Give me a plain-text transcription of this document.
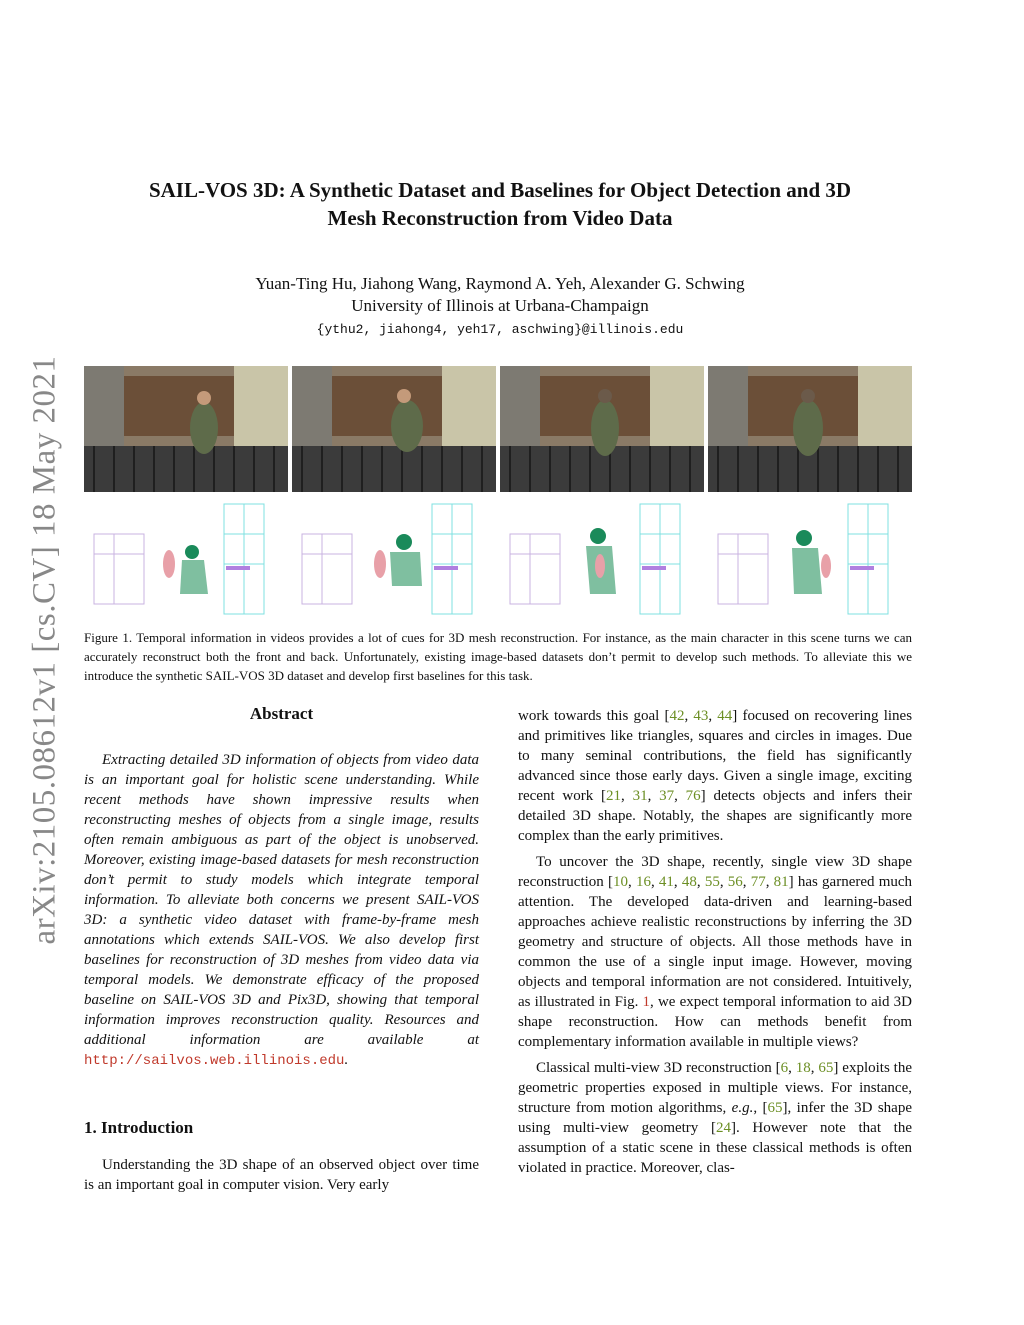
arXiv:2105.08612v1 [cs.CV] 18 May 2021
SAIL-VOS 3D: A Synthetic Dataset and Baselines for Object Detection and 3D
Mesh Reconstruction from Video Data
Yuan-Ting Hu, Jiahong Wang, Raymond A. Yeh, Alexander G. Schwing
University of Illinois at Urbana-Champaign
{ythu2, jiahong4, yeh17, aschwing}@illinois.edu
Figure 1. Temporal information in videos provides a lot of cues for 3D mesh reconstruction. For instance, as the main character in this scene turns we can accurately reconstruct both the front and back. Unfortunately, existing image-based datasets don’t permit to develop such methods. To alleviate this we introduce the synthetic SAIL-VOS 3D dataset and develop first baselines for this task.
Abstract

Extracting detailed 3D information of objects from video data is an important goal for holistic scene understanding. While recent methods have shown impressive results when reconstructing meshes of objects from a single image, results often remain ambiguous as part of the object is unobserved. Moreover, existing image-based datasets for mesh reconstruction don’t permit to study models which integrate temporal information. To alleviate both concerns we present SAIL-VOS 3D: a synthetic video dataset with frame-by-frame mesh annotations which extends SAIL-VOS. We also develop first baselines for reconstruction of 3D meshes from video data via temporal models. We demonstrate efficacy of the proposed baseline on SAIL-VOS 3D and Pix3D, showing that temporal information improves reconstruction quality. Resources and additional information are available at http://sailvos.web.illinois.edu.

1. Introduction

Understanding the 3D shape of an observed object over time is an important goal in computer vision. Very early

work towards this goal [42, 43, 44] focused on recovering lines and primitives like triangles, squares and circles in images. Due to many seminal contributions, the field has significantly advanced since those early days. Given a single image, exciting recent work [21, 31, 37, 76] detects objects and infers their detailed 3D shape. Notably, the shapes are significantly more complex than the early primitives.

To uncover the 3D shape, recently, single view 3D shape reconstruction [10, 16, 41, 48, 55, 56, 77, 81] has garnered much attention. The developed data-driven and learning-based approaches achieve realistic reconstructions by inferring the 3D geometry and structure of objects. All those methods have in common the use of a single input image. However, moving objects and temporal information are not considered. Intuitively, as illustrated in Fig. 1, we expect temporal information to aid 3D shape reconstruction. How can methods benefit from complementary information available in multiple views?

Classical multi-view 3D reconstruction [6, 18, 65] exploits the geometric properties exposed in multiple views. For instance, structure from motion algorithms, e.g., [65], infer the 3D shape using multi-view geometry [24]. However note that the assumption of a static scene in these classical methods is often violated in practice. Moreover, clas-
